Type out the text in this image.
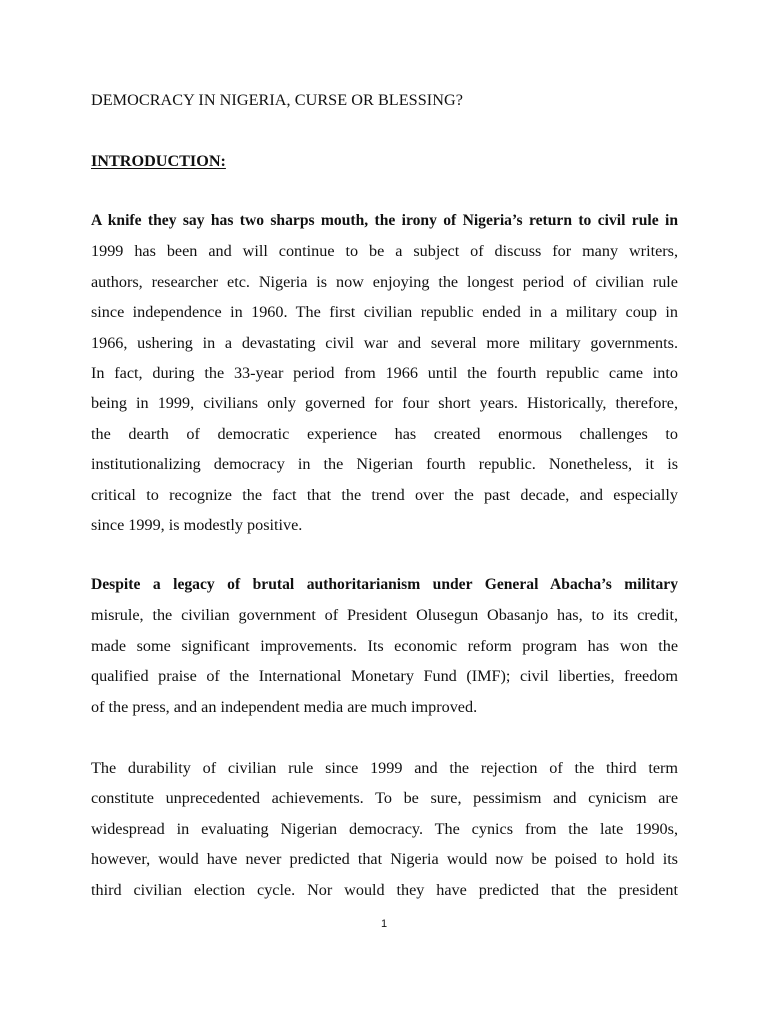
DEMOCRACY IN NIGERIA, CURSE OR BLESSING?
INTRODUCTION:

A knife they say has two sharps mouth, the irony of Nigeria’s return to civil rule in
1999 has been and will continue to be a subject of discuss for many writers,
authors, researcher etc. Nigeria is now enjoying the longest period of civilian rule
since independence in 1960. The first civilian republic ended in a military coup in
1966, ushering in a devastating civil war and several more military governments.
In fact, during the 33-year period from 1966 until the fourth republic came into
being in 1999, civilians only governed for four short years. Historically, therefore,
the dearth of democratic experience has created enormous challenges to
institutionalizing democracy in the Nigerian fourth republic. Nonetheless, it is
critical to recognize the fact that the trend over the past decade, and especially
since 1999, is modestly positive.

Despite a legacy of brutal authoritarianism under General Abacha’s military
misrule, the civilian government of President Olusegun Obasanjo has, to its credit,
made some significant improvements. Its economic reform program has won the
qualified praise of the International Monetary Fund (IMF); civil liberties, freedom
of the press, and an independent media are much improved.

The durability of civilian rule since 1999 and the rejection of the third term
constitute unprecedented achievements. To be sure, pessimism and cynicism are
widespread in evaluating Nigerian democracy. The cynics from the late 1990s,
however, would have never predicted that Nigeria would now be poised to hold its
third civilian election cycle. Nor would they have predicted that the president

1
